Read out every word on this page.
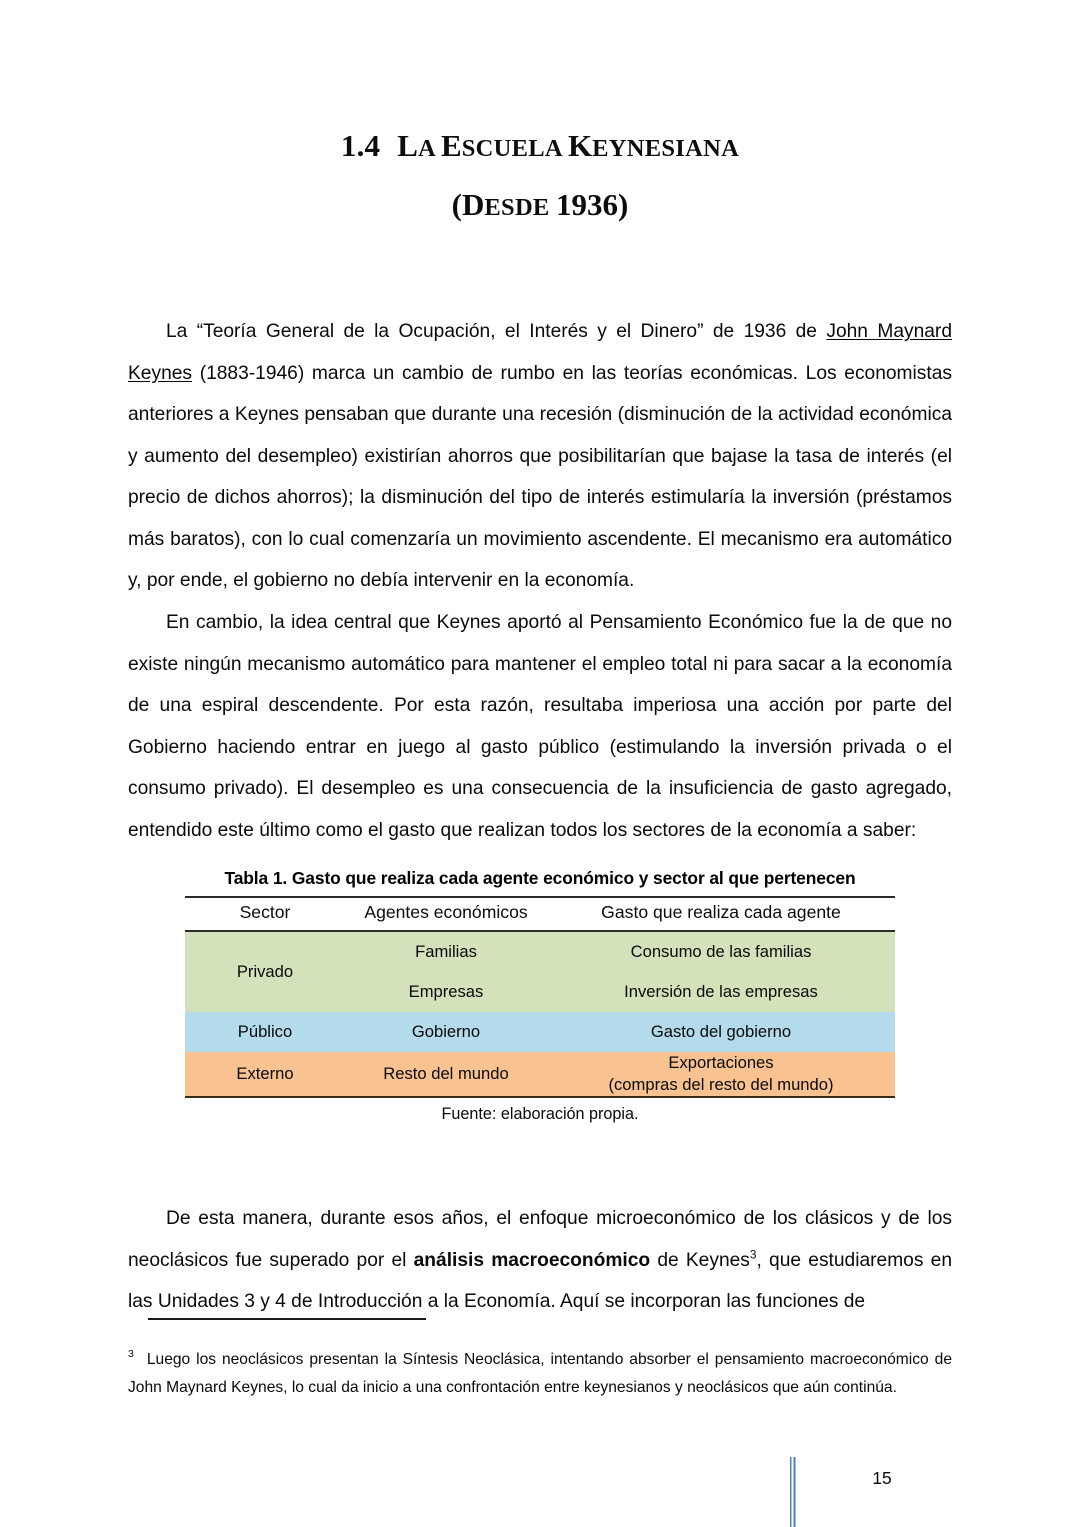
1.4 LA ESCUELA KEYNESIANA
(DESDE 1936)

La “Teoría General de la Ocupación, el Interés y el Dinero” de 1936 de John Maynard Keynes (1883-1946) marca un cambio de rumbo en las teorías económicas. Los economistas anteriores a Keynes pensaban que durante una recesión (disminución de la actividad económica y aumento del desempleo) existirían ahorros que posibilitarían que bajase la tasa de interés (el precio de dichos ahorros); la disminución del tipo de interés estimularía la inversión (préstamos más baratos), con lo cual comenzaría un movimiento ascendente. El mecanismo era automático y, por ende, el gobierno no debía intervenir en la economía.

En cambio, la idea central que Keynes aportó al Pensamiento Económico fue la de que no existe ningún mecanismo automático para mantener el empleo total ni para sacar a la economía de una espiral descendente. Por esta razón, resultaba imperiosa una acción por parte del Gobierno haciendo entrar en juego al gasto público (estimulando la inversión privada o el consumo privado). El desempleo es una consecuencia de la insuficiencia de gasto agregado, entendido este último como el gasto que realizan todos los sectores de la economía a saber:

Tabla 1. Gasto que realiza cada agente económico y sector al que pertenecen
Sector	Agentes económicos	Gasto que realiza cada agente
Privado	Familias	Consumo de las familias
	Empresas	Inversión de las empresas
Público	Gobierno	Gasto del gobierno
Externo	Resto del mundo	Exportaciones
(compras del resto del mundo)
Fuente: elaboración propia.

De esta manera, durante esos años, el enfoque microeconómico de los clásicos y de los neoclásicos fue superado por el análisis macroeconómico de Keynes$^3$, que estudiaremos en las Unidades 3 y 4 de Introducción a la Economía. Aquí se incorporan las funciones de

$^3$ Luego los neoclásicos presentan la Síntesis Neoclásica, intentando absorber el pensamiento macroeconómico de John Maynard Keynes, lo cual da inicio a una confrontación entre keynesianos y neoclásicos que aún continúa.

15
